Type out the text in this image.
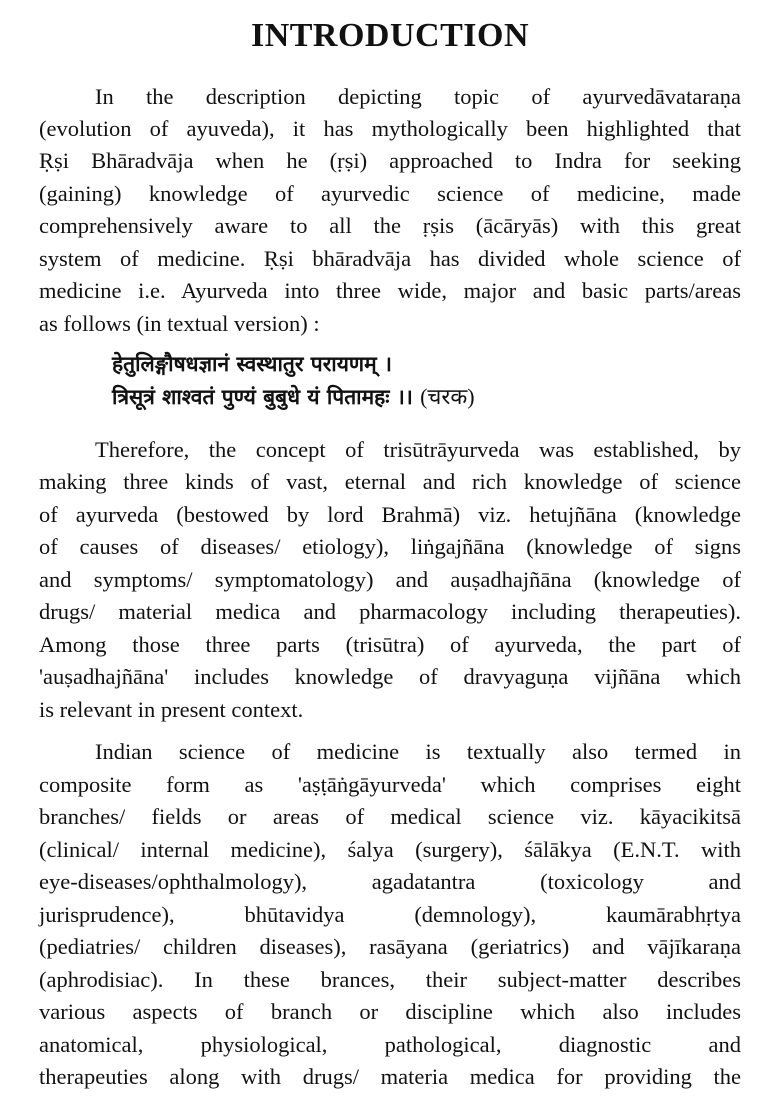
INTRODUCTION
In the description depicting topic of ayurvedāvataraṇa
(evolution of ayuveda), it has mythologically been highlighted that
Ṛṣi Bhāradvāja when he (ṛṣi) approached to Indra for seeking
(gaining) knowledge of ayurvedic science of medicine, made
comprehensively aware to all the ṛṣis (ācāryās) with this great
system of medicine. Ṛṣi bhāradvāja has divided whole science of
medicine i.e. Ayurveda into three wide, major and basic parts/areas
as follows (in textual version) :
हेतुलिङ्गौषधज्ञानं स्वस्थातुर परायणम् ।
त्रिसूत्रं शाश्वतं पुण्यं बुबुधे यं पितामहः ।। (चरक)
Therefore, the concept of trisūtrāyurveda was established, by
making three kinds of vast, eternal and rich knowledge of science
of ayurveda (bestowed by lord Brahmā) viz. hetujñāna (knowledge
of causes of diseases/ etiology), liṅgajñāna (knowledge of signs
and symptoms/ symptomatology) and auṣadhajñāna (knowledge of
drugs/ material medica and pharmacology including therapeuties).
Among those three parts (trisūtra) of ayurveda, the part of
'auṣadhajñāna' includes knowledge of dravyaguṇa vijñāna which
is relevant in present context.
Indian science of medicine is textually also termed in
composite form as 'aṣṭāṅgāyurveda' which comprises eight
branches/ fields or areas of medical science viz. kāyacikitsā
(clinical/ internal medicine), śalya (surgery), śālākya (E.N.T. with
eye-diseases/ophthalmology), agadatantra (toxicology and
jurisprudence), bhūtavidya (demnology), kaumārabhṛtya
(pediatries/ children diseases), rasāyana (geriatrics) and vājīkaraṇa
(aphrodisiac). In these brances, their subject-matter describes
various aspects of branch or discipline which also includes
anatomical, physiological, pathological, diagnostic and
therapeuties along with drugs/ materia medica for providing the
